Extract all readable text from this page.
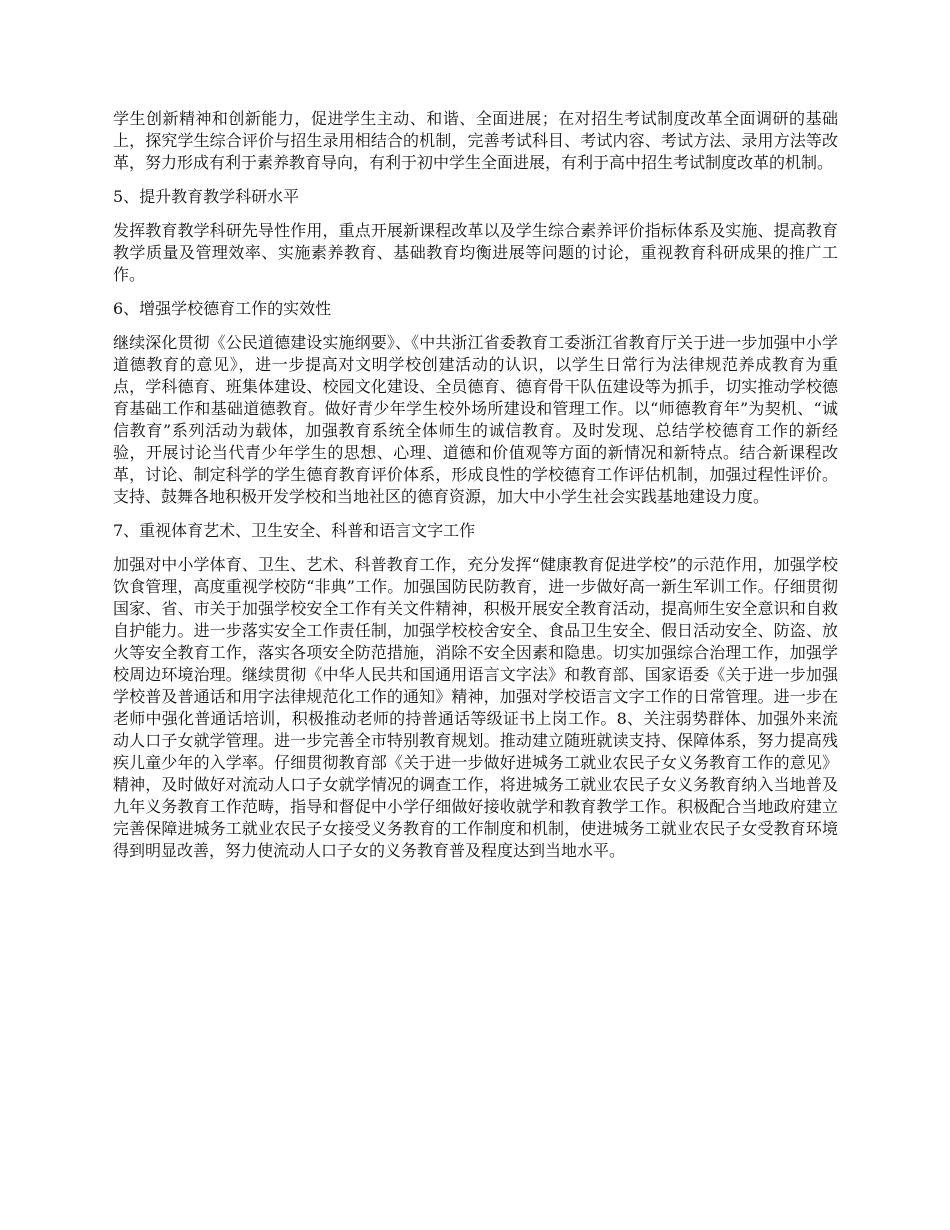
学生创新精神和创新能力，促进学生主动、和谐、全面进展；在对招生考试制度改革全面调研的基础上，探究学生综合评价与招生录用相结合的机制，完善考试科目、考试内容、考试方法、录用方法等改革，努力形成有利于素养教育导向，有利于初中学生全面进展，有利于高中招生考试制度改革的机制。

5、提升教育教学科研水平

发挥教育教学科研先导性作用，重点开展新课程改革以及学生综合素养评价指标体系及实施、提高教育教学质量及管理效率、实施素养教育、基础教育均衡进展等问题的讨论，重视教育科研成果的推广工作。

6、增强学校德育工作的实效性

继续深化贯彻《公民道德建设实施纲要》、《中共浙江省委教育工委浙江省教育厅关于进一步加强中小学道德教育的意见》，进一步提高对文明学校创建活动的认识，以学生日常行为法律规范养成教育为重点，学科德育、班集体建设、校园文化建设、全员德育、德育骨干队伍建设等为抓手，切实推动学校德育基础工作和基础道德教育。做好青少年学生校外场所建设和管理工作。以“师德教育年”为契机、“诚信教育”系列活动为载体，加强教育系统全体师生的诚信教育。及时发现、总结学校德育工作的新经验，开展讨论当代青少年学生的思想、心理、道德和价值观等方面的新情况和新特点。结合新课程改革，讨论、制定科学的学生德育教育评价体系，形成良性的学校德育工作评估机制，加强过程性评价。支持、鼓舞各地积极开发学校和当地社区的德育资源，加大中小学生社会实践基地建设力度。

7、重视体育艺术、卫生安全、科普和语言文字工作

加强对中小学体育、卫生、艺术、科普教育工作，充分发挥“健康教育促进学校”的示范作用，加强学校饮食管理，高度重视学校防“非典”工作。加强国防民防教育，进一步做好高一新生军训工作。仔细贯彻国家、省、市关于加强学校安全工作有关文件精神，积极开展安全教育活动，提高师生安全意识和自救自护能力。进一步落实安全工作责任制，加强学校校舍安全、食品卫生安全、假日活动安全、防盗、放火等安全教育工作，落实各项安全防范措施，消除不安全因素和隐患。切实加强综合治理工作，加强学校周边环境治理。继续贯彻《中华人民共和国通用语言文字法》和教育部、国家语委《关于进一步加强学校普及普通话和用字法律规范化工作的通知》精神，加强对学校语言文字工作的日常管理。进一步在老师中强化普通话培训，积极推动老师的持普通话等级证书上岗工作。8、关注弱势群体、加强外来流动人口子女就学管理。进一步完善全市特别教育规划。推动建立随班就读支持、保障体系，努力提高残疾儿童少年的入学率。仔细贯彻教育部《关于进一步做好进城务工就业农民子女义务教育工作的意见》精神，及时做好对流动人口子女就学情况的调查工作，将进城务工就业农民子女义务教育纳入当地普及九年义务教育工作范畴，指导和督促中小学仔细做好接收就学和教育教学工作。积极配合当地政府建立完善保障进城务工就业农民子女接受义务教育的工作制度和机制，使进城务工就业农民子女受教育环境得到明显改善，努力使流动人口子女的义务教育普及程度达到当地水平。
